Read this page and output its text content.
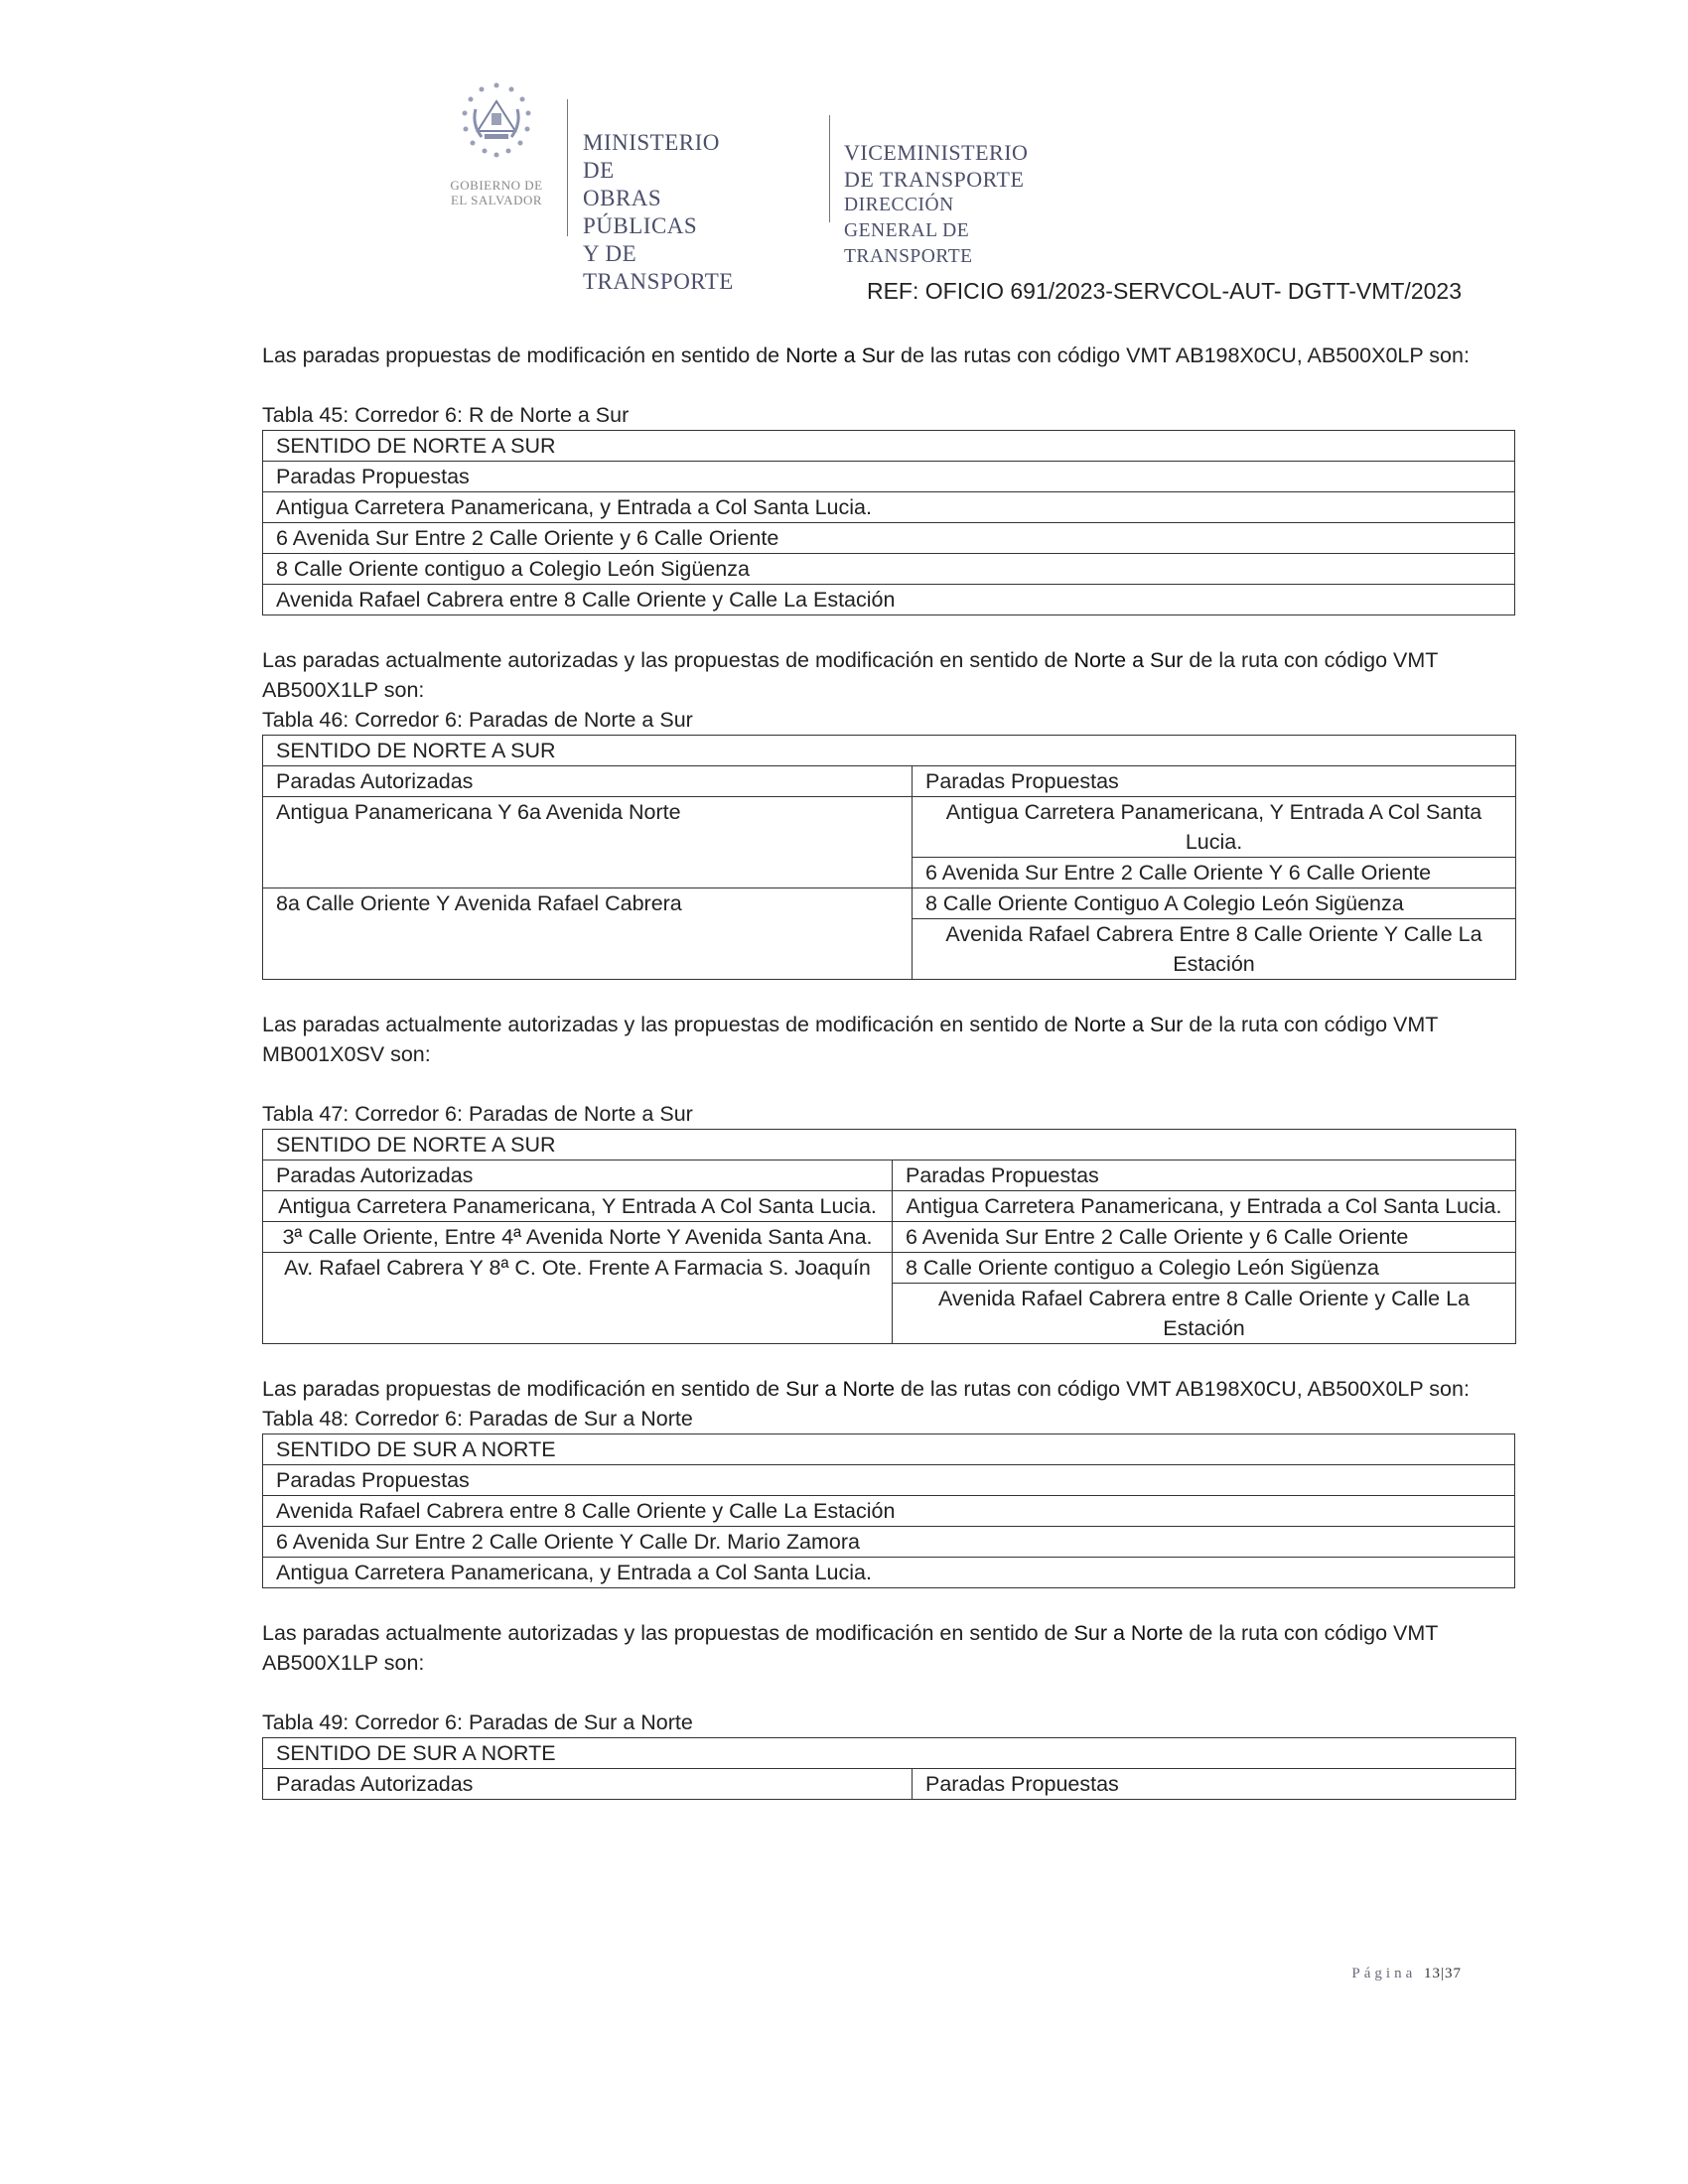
GOBIERNO DE
EL SALVADOR
MINISTERIO DE
OBRAS PÚBLICAS
Y DE TRANSPORTE
VICEMINISTERIO DE TRANSPORTE
DIRECCIÓN GENERAL DE TRANSPORTE
REF: OFICIO 691/2023-SERVCOL-AUT- DGTT-VMT/2023

Las paradas propuestas de modificación en sentido de Norte a Sur de las rutas con código VMT AB198X0CU, AB500X0LP son:

Tabla 45: Corredor 6: R de Norte a Sur

SENTIDO DE NORTE A SUR
Paradas Propuestas
Antigua Carretera Panamericana, y Entrada a Col Santa Lucia.
6 Avenida Sur Entre 2 Calle Oriente y 6 Calle Oriente
8 Calle Oriente contiguo a Colegio León Sigüenza
Avenida Rafael Cabrera entre 8 Calle Oriente y Calle La Estación

Las paradas actualmente autorizadas y las propuestas de modificación en sentido de Norte a Sur de la ruta con código VMT AB500X1LP son:

Tabla 46: Corredor 6: Paradas de Norte a Sur

SENTIDO DE NORTE A SUR	
Paradas Autorizadas	Paradas Propuestas
Antigua Panamericana Y 6a Avenida Norte	Antigua Carretera Panamericana, Y Entrada A Col Santa Lucia.
	6 Avenida Sur Entre 2 Calle Oriente Y 6 Calle Oriente
8a Calle Oriente Y Avenida Rafael Cabrera	8 Calle Oriente Contiguo A Colegio León Sigüenza
	Avenida Rafael Cabrera Entre 8 Calle Oriente Y Calle La Estación

Las paradas actualmente autorizadas y las propuestas de modificación en sentido de Norte a Sur de la ruta con código VMT MB001X0SV son:

Tabla 47: Corredor 6: Paradas de Norte a Sur

SENTIDO DE NORTE A SUR	
Paradas Autorizadas	Paradas Propuestas
Antigua Carretera Panamericana, Y Entrada A Col Santa Lucia.	Antigua Carretera Panamericana, y Entrada a Col Santa Lucia.
3ª Calle Oriente, Entre 4ª Avenida Norte Y Avenida Santa Ana.	6 Avenida Sur Entre 2 Calle Oriente y 6 Calle Oriente
Av. Rafael Cabrera Y 8ª C. Ote. Frente A Farmacia S. Joaquín	8 Calle Oriente contiguo a Colegio León Sigüenza
	Avenida Rafael Cabrera entre 8 Calle Oriente y Calle La Estación

Las paradas propuestas de modificación en sentido de Sur a Norte de las rutas con código VMT AB198X0CU, AB500X0LP son:

Tabla 48: Corredor 6: Paradas de Sur a Norte

SENTIDO DE SUR A NORTE
Paradas Propuestas
Avenida Rafael Cabrera entre 8 Calle Oriente y Calle La Estación
6 Avenida Sur Entre 2 Calle Oriente Y Calle Dr. Mario Zamora
Antigua Carretera Panamericana, y Entrada a Col Santa Lucia.

Las paradas actualmente autorizadas y las propuestas de modificación en sentido de Sur a Norte de la ruta con código VMT AB500X1LP son:

Tabla 49: Corredor 6: Paradas de Sur a Norte

SENTIDO DE SUR A NORTE
Paradas Autorizadas	Paradas Propuestas
Página 13|37
